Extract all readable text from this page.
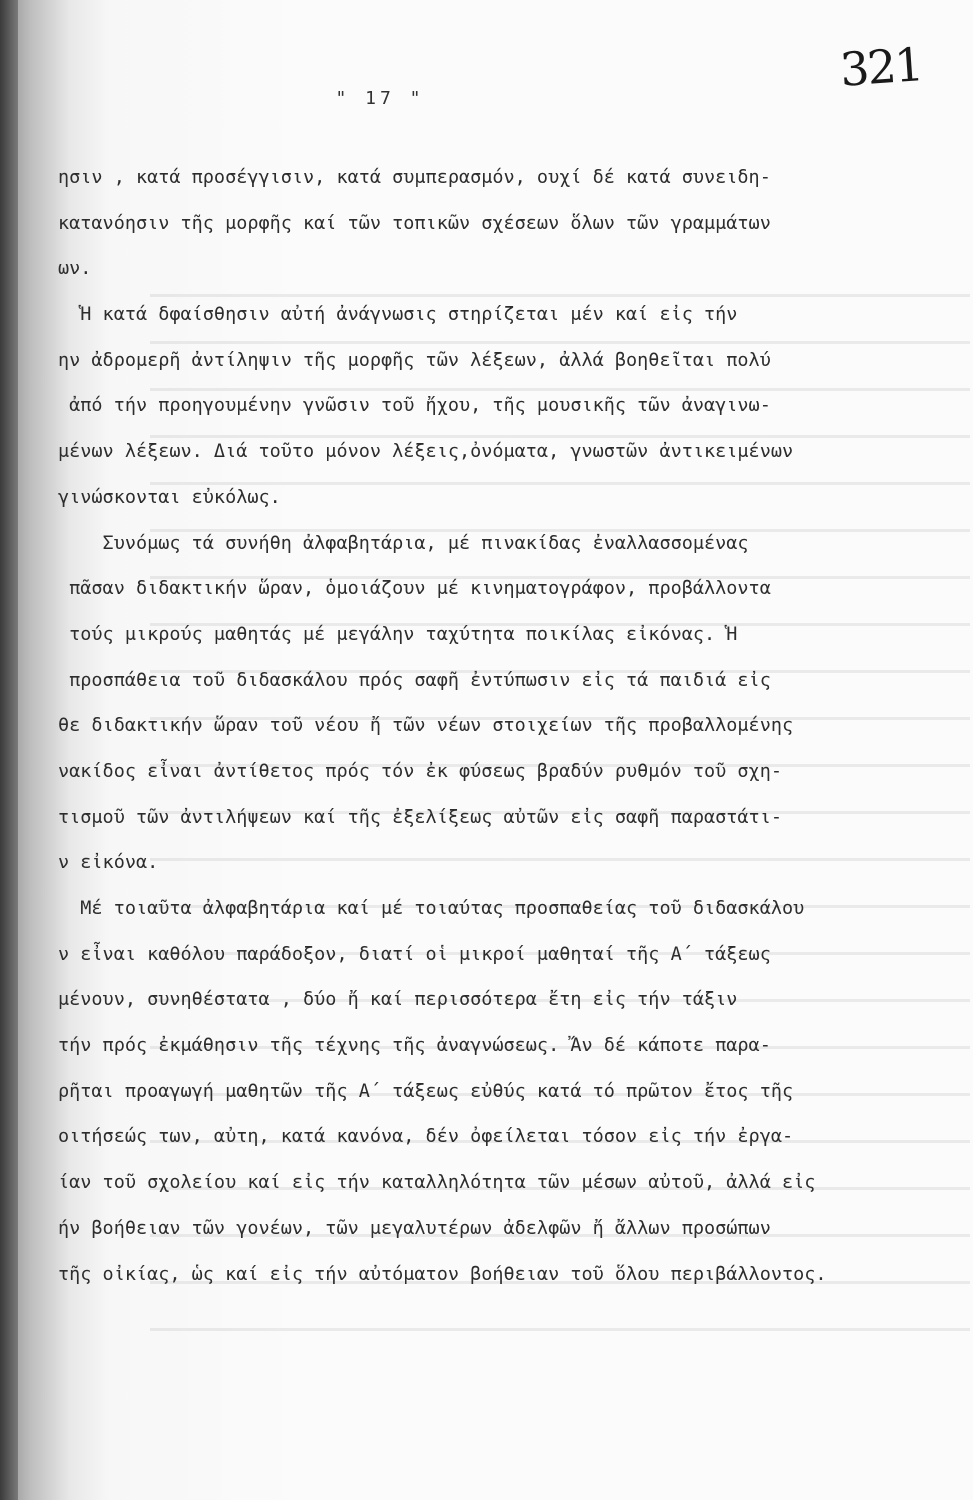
321
" 17 "
ησιν , κατά προσέγγισιν, κατά συμπερασμόν, ουχί δέ κατά συνειδη-
κατανόησιν τῆς μορφῆς καί τῶν τοπικῶν σχέσεων ὅλων τῶν γραμμάτων
ων.
Ἡ κατά δφαίσθησιν αὐτή ἀνάγνωσις στηρίζεται μέν καί εἰς τήν
ην ἀδρομερῆ ἀντίληψιν τῆς μορφῆς τῶν λέξεων, ἀλλά βοηθεῖται πολύ
ἀπό τήν προηγουμένην γνῶσιν τοῦ ἤχου, τῆς μουσικῆς τῶν ἀναγινω-
μένων λέξεων. Διά τοῦτο μόνον λέξεις,ὀνόματα, γνωστῶν ἀντικειμένων
γινώσκονται εὐκόλως.
Συνόμως τά συνήθη ἀλφαβητάρια, μέ πινακίδας ἐναλλασσομένας
πᾶσαν διδακτικήν ὥραν, ὁμοιάζουν μέ κινηματογράφον, προβάλλοντα
τούς μικρούς μαθητάς μέ μεγάλην ταχύτητα ποικίλας εἰκόνας. Ἡ
προσπάθεια τοῦ διδασκάλου πρός σαφῆ ἐντύπωσιν εἰς τά παιδιά εἰς
θε διδακτικήν ὥραν τοῦ νέου ἤ τῶν νέων στοιχείων τῆς προβαλλομένης
νακίδος εἶναι ἀντίθετος πρός τόν ἐκ φύσεως βραδύν ρυθμόν τοῦ σχη-
τισμοῦ τῶν ἀντιλήψεων καί τῆς ἐξελίξεως αὐτῶν εἰς σαφῆ παραστάτι-
ν εἰκόνα.
Μέ τοιαῦτα ἀλφαβητάρια καί μέ τοιαύτας προσπαθείας τοῦ διδασκάλου
ν εἶναι καθόλου παράδοξον, διατί οἱ μικροί μαθηταί τῆς Α΄ τάξεως
μένουν, συνηθέστατα , δύο ἤ καί περισσότερα ἔτη εἰς τήν τάξιν
τήν πρός ἐκμάθησιν τῆς τέχνης τῆς ἀναγνώσεως. Ἄν δέ κάποτε παρα-
ρῆται προαγωγή μαθητῶν τῆς Α΄ τάξεως εὐθύς κατά τό πρῶτον ἔτος τῆς
οιτήσεώς των, αὐτη, κατά κανόνα, δέν ὀφείλεται τόσον εἰς τήν ἐργα-
ίαν τοῦ σχολείου καί εἰς τήν καταλληλότητα τῶν μέσων αὐτοῦ, ἀλλά εἰς
ήν βοήθειαν τῶν γονέων, τῶν μεγαλυτέρων ἀδελφῶν ἤ ἄλλων προσώπων
τῆς οἰκίας, ὡς καί εἰς τήν αὐτόματον βοήθειαν τοῦ ὅλου περιβάλλοντος.
